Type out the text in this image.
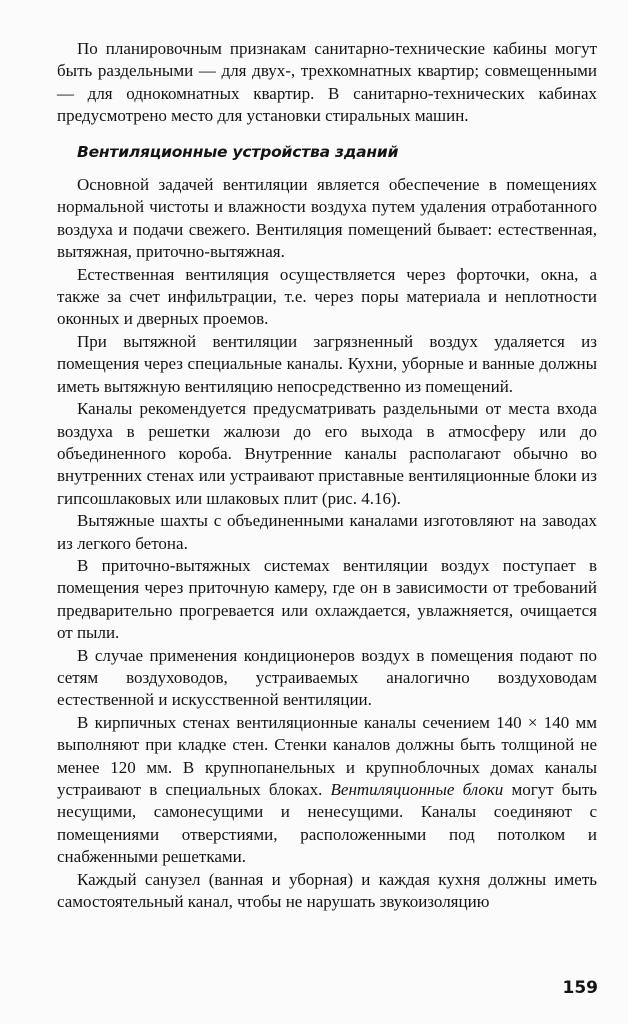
По планировочным признакам санитарно-технические кабины могут быть раздельными — для двух-, трехкомнатных квартир; совмещенными — для однокомнатных квартир. В санитарно-технических кабинах предусмотрено место для установки стиральных машин.

Вентиляционные устройства зданий

Основной задачей вентиляции является обеспечение в помещениях нормальной чистоты и влажности воздуха путем удаления отработанного воздуха и подачи свежего. Вентиляция помещений бывает: естественная, вытяжная, приточно-вытяжная.

Естественная вентиляция осуществляется через форточки, окна, а также за счет инфильтрации, т.е. через поры материала и неплотности оконных и дверных проемов.

При вытяжной вентиляции загрязненный воздух удаляется из помещения через специальные каналы. Кухни, уборные и ванные должны иметь вытяжную вентиляцию непосредственно из помещений.

Каналы рекомендуется предусматривать раздельными от места входа воздуха в решетки жалюзи до его выхода в атмосферу или до объединенного короба. Внутренние каналы располагают обычно во внутренних стенах или устраивают приставные вентиляционные блоки из гипсошлаковых или шлаковых плит (рис. 4.16).

Вытяжные шахты с объединенными каналами изготовляют на заводах из легкого бетона.

В приточно-вытяжных системах вентиляции воздух поступает в помещения через приточную камеру, где он в зависимости от требований предварительно прогревается или охлаждается, увлажняется, очищается от пыли.

В случае применения кондиционеров воздух в помещения подают по сетям воздуховодов, устраиваемых аналогично воздуховодам естественной и искусственной вентиляции.

В кирпичных стенах вентиляционные каналы сечением 140 × 140 мм выполняют при кладке стен. Стенки каналов должны быть толщиной не менее 120 мм. В крупнопанельных и крупноблочных домах каналы устраивают в специальных блоках. Вентиляционные блоки могут быть несущими, самонесущими и ненесущими. Каналы соединяют с помещениями отверстиями, расположенными под потолком и снабженными решетками.

Каждый санузел (ванная и уборная) и каждая кухня должны иметь самостоятельный канал, чтобы не нарушать звукоизоляцию

159
